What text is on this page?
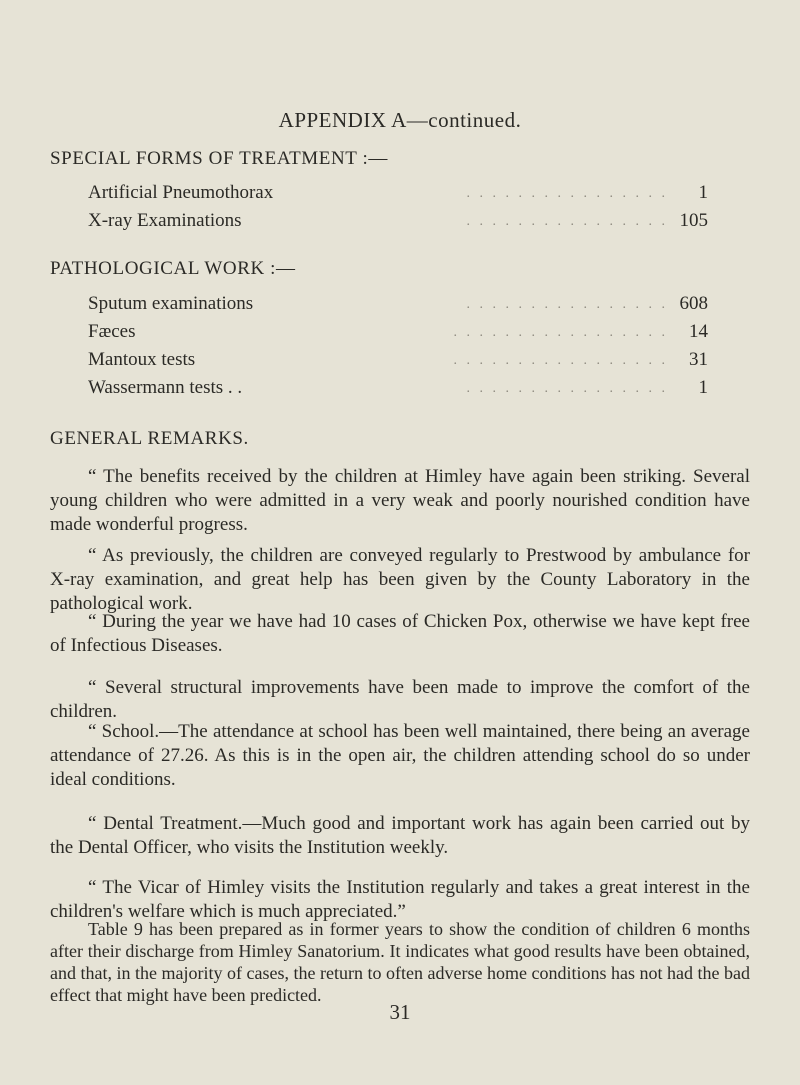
APPENDIX A—continued.
SPECIAL FORMS OF TREATMENT :—
. . . . . . . . . . . . . . . .
Artificial Pneumothorax	1
. . . . . . . . . . . . . . . .
X-ray Examinations	105
PATHOLOGICAL WORK :—
. . . . . . . . . . . . . . . .
Sputum examinations	608
. . . . . . . . . . . . . . . . .
Fæces	14
. . . . . . . . . . . . . . . . .
Mantoux tests	31
. . . . . . . . . . . . . . . .
Wassermann tests . .	1
GENERAL REMARKS.
“ The benefits received by the children at Himley have again been striking. Several young children who were admitted in a very weak and poorly nourished condition have made wonderful progress.
“ As previously, the children are conveyed regularly to Prestwood by ambulance for X-ray examination, and great help has been given by the County Laboratory in the pathological work.
“ During the year we have had 10 cases of Chicken Pox, otherwise we have kept free of Infectious Diseases.
“ Several structural improvements have been made to improve the comfort of the children.
“ School.—The attendance at school has been well maintained, there being an average attendance of 27.26. As this is in the open air, the children attending school do so under ideal conditions.
“ Dental Treatment.—Much good and important work has again been carried out by the Dental Officer, who visits the Institution weekly.
“ The Vicar of Himley visits the Institution regularly and takes a great interest in the children's welfare which is much appreciated.”
Table 9 has been prepared as in former years to show the condition of children 6 months after their discharge from Himley Sanatorium. It indicates what good results have been obtained, and that, in the majority of cases, the return to often adverse home conditions has not had the bad effect that might have been predicted.
31
